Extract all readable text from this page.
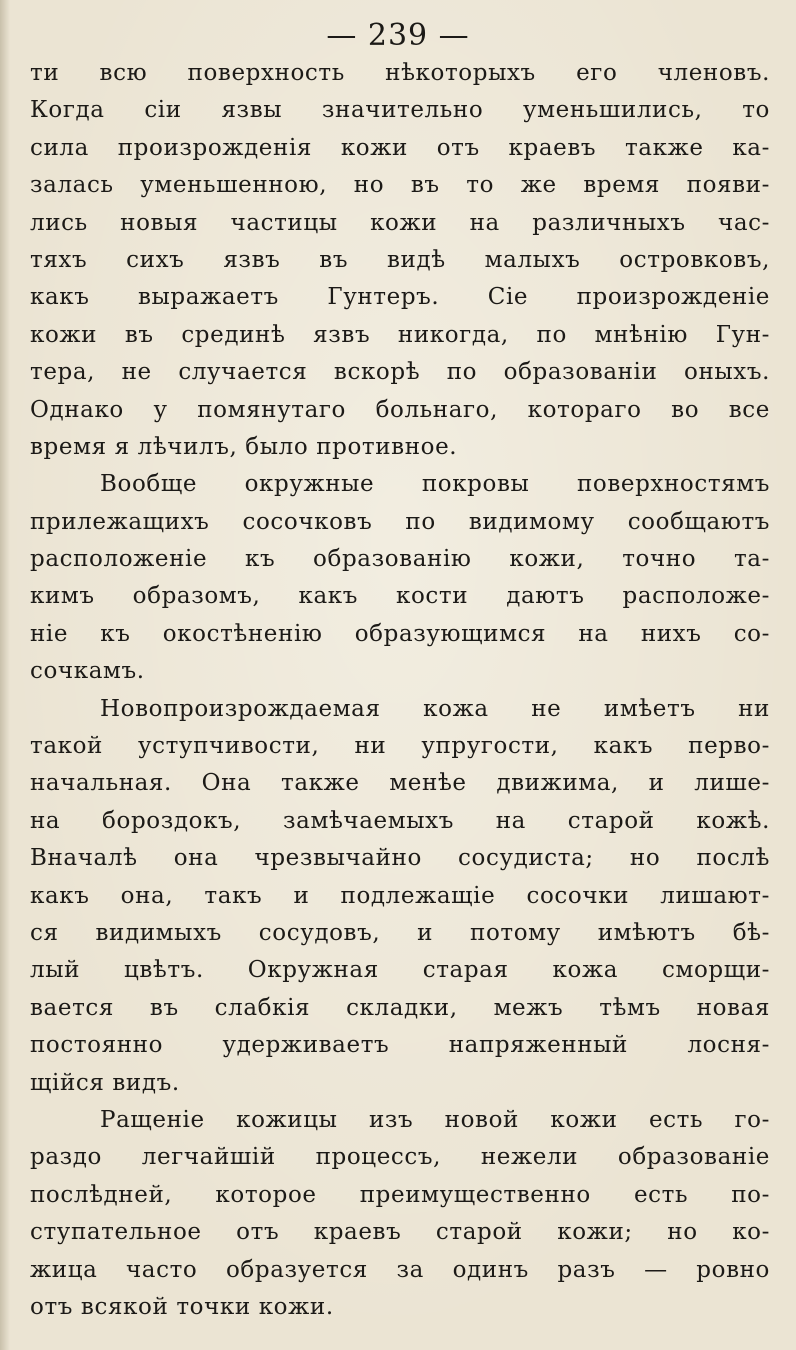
— 239 —
ти всю поверхность нѣкоторыхъ его членовъ.
Когда сіи язвы значительно уменьшились, то
сила произрожденія кожи отъ краевъ также ка-
залась уменьшенною, но въ то же время появи-
лись новыя частицы кожи на различныхъ час-
тяхъ сихъ язвъ въ видѣ малыхъ островковъ,
какъ выражаетъ Гунтеръ. Сіе произрожденіе
кожи въ срединѣ язвъ никогда, по мнѣнію Гун-
тера, не случается вскорѣ по образованіи оныхъ.
Однако у помянутаго больнаго, котораго во все
время я лѣчилъ, было противное.
Вообще окружные покровы поверхностямъ
прилежащихъ сосочковъ по видимому сообщаютъ
расположеніе къ образованію кожи, точно та-
кимъ образомъ, какъ кости даютъ расположе-
ніе къ окостѣненію образующимся на нихъ со-
сочкамъ.
Новопроизрождаемая кожа не имѣетъ ни
такой уступчивости, ни упругости, какъ перво-
начальная. Она также менѣе движима, и лише-
на бороздокъ, замѣчаемыхъ на старой кожѣ.
Вначалѣ она чрезвычайно сосудиста; но послѣ
какъ она, такъ и подлежащіе сосочки лишают-
ся видимыхъ сосудовъ, и потому имѣютъ бѣ-
лый цвѣтъ. Окружная старая кожа сморщи-
вается въ слабкія складки, межъ тѣмъ новая
постоянно удерживаетъ напряженный лосня-
щійся видъ.
Ращеніе кожицы изъ новой кожи есть го-
раздо легчайшій процессъ, нежели образованіе
послѣдней, которое преимущественно есть по-
ступательное отъ краевъ старой кожи; но ко-
жица часто образуется за одинъ разъ — ровно
отъ всякой точки кожи.
